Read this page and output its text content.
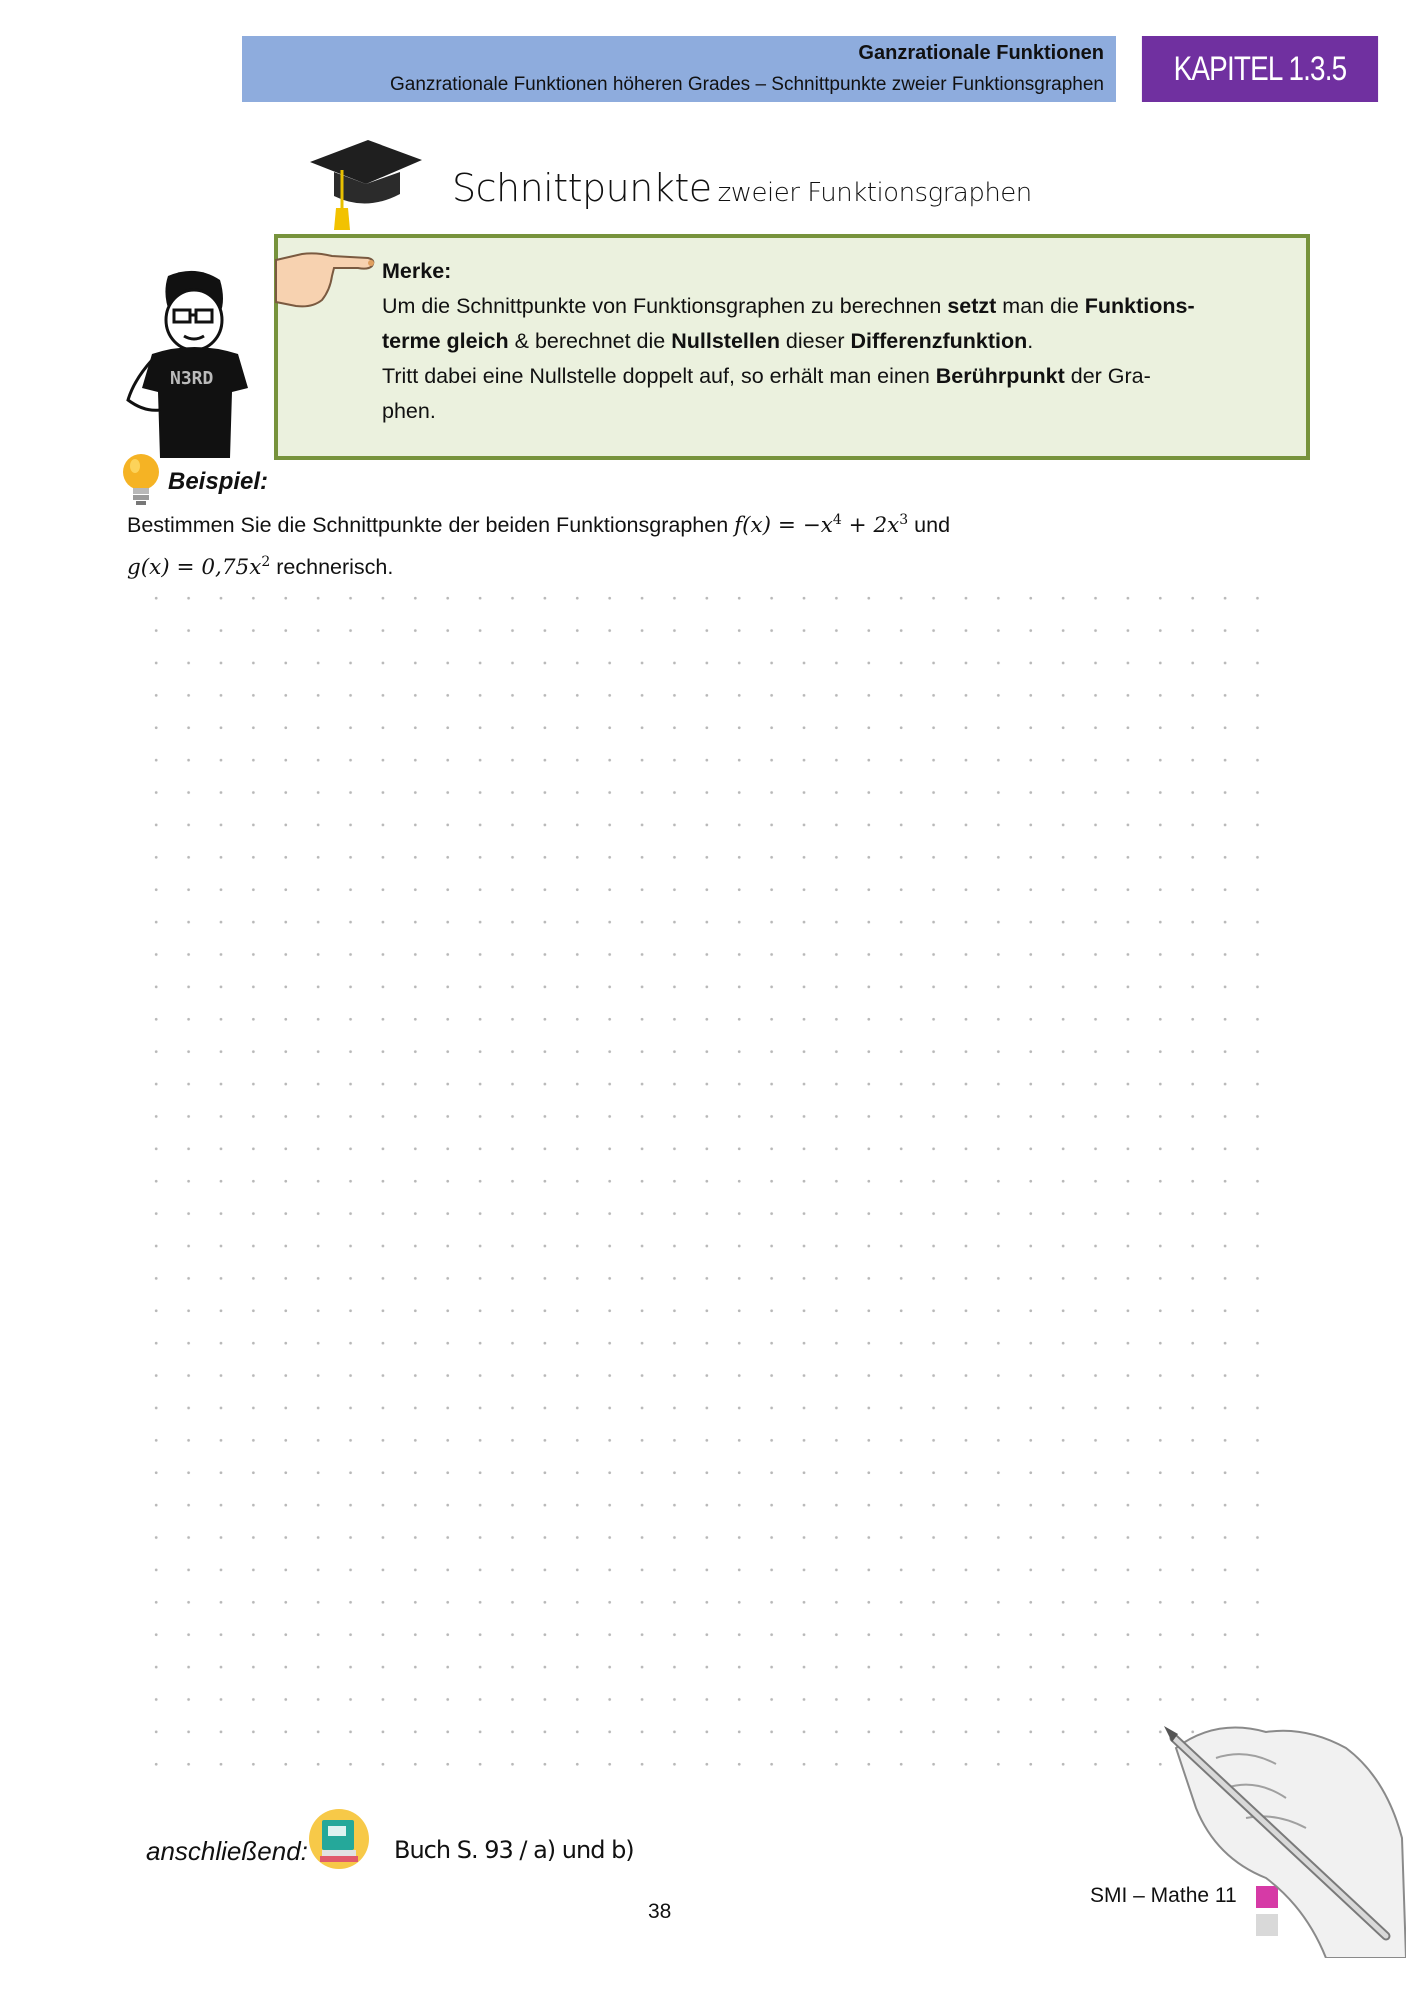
Ganzrationale Funktionen
Ganzrationale Funktionen höheren Grades – Schnittpunkte zweier Funktionsgraphen	KAPITEL 1.3.5
Schnittpunkte zweier Funktionsgraphen
Merke:
Um die Schnittpunkte von Funktionsgraphen zu berechnen setzt man die Funktions-
terme gleich & berechnet die Nullstellen dieser Differenzfunktion.
Tritt dabei eine Nullstelle doppelt auf, so erhält man einen Berührpunkt der Gra-
phen.
N3RD
Beispiel:
Bestimmen Sie die Schnittpunkte der beiden Funktionsgraphen $f(x) = -x^4 + 2x^3$ und
$g(x) = 0,75x^2$ rechnerisch.
anschließend:	Buch S. 93 / a) und b)
38
SMI – Mathe 11
